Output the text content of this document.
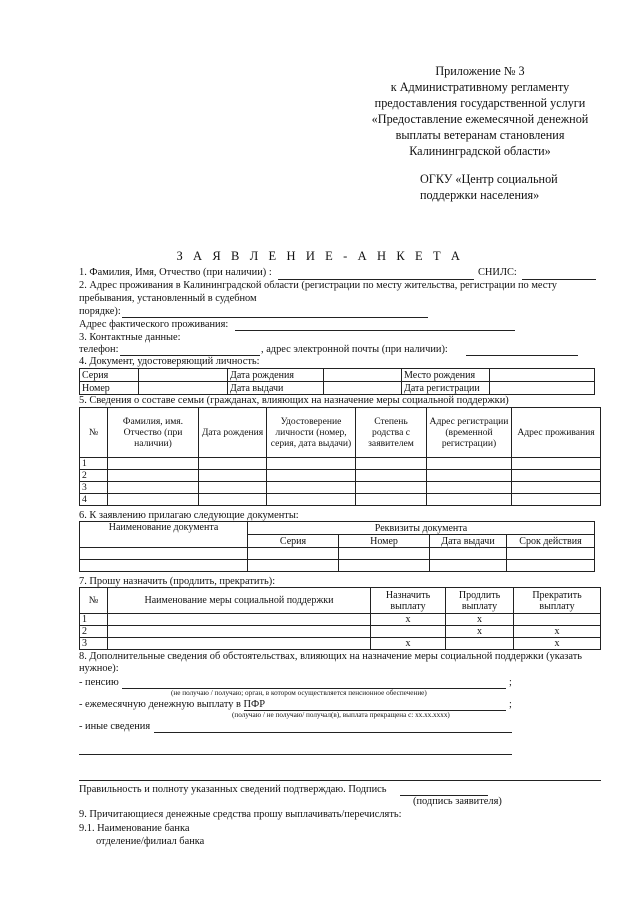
Приложение № 3
к Административному регламенту
предоставления государственной услуги
«Предоставление ежемесячной денежной
выплаты ветеранам становления
Калининградской области»
ОГКУ «Центр социальной
поддержки населения»
З А Я В Л Е Н И Е - А Н К Е Т А
1. Фамилия, Имя, Отчество (при наличии) :	СНИЛС:
2. Адрес проживания в Калининградской области (регистрации по месту жительства, регистрации по месту
пребывания, установленный в судебном
порядке):
Адрес фактического проживания:
3. Контактные данные:
телефон:	, адрес электронной почты (при наличии):
4. Документ, удостоверяющий личность:
Серия		Дата рождения		Место рождения	
Номер		Дата выдачи		Дата регистрации	
5. Сведения о составе семьи (гражданах, влияющих на назначение меры социальной поддержки)
№	Фамилия, имя. Отчество (при наличии)	Дата рождения	Удостоверение личности (номер, серия, дата выдачи)	Степень родства с заявителем	Адрес регистрации (временной регистрации)	Адрес проживания
1						
2						
3						
4						
6. К заявлению прилагаю следующие документы:
Наименование документа	Реквизиты документа			
	Серия	Номер	Дата выдачи	Срок действия

7. Прошу назначить (продлить, прекратить):
№	Наименование меры социальной поддержки	Назначить выплату	Продлить выплату	Прекратить выплату
1		x	x	
2			x	x
3		x		x
8. Дополнительные сведения об обстоятельствах, влияющих на назначение меры социальной поддержки (указать
нужное):
- пенсию	;
(не получаю / получаю; орган, в котором осуществляется пенсионное обеспечение)
- ежемесячную денежную выплату в ПФР	;
(получаю / не получаю/ получал(в), выплата прекращена с: хх.хх.хххх)
- иные сведения
Правильность и полноту указанных сведений подтверждаю. Подпись
(подпись заявителя)
9. Причитающиеся денежные средства прошу выплачивать/перечислять:
9.1. Наименование банка
отделение/филиал банка
